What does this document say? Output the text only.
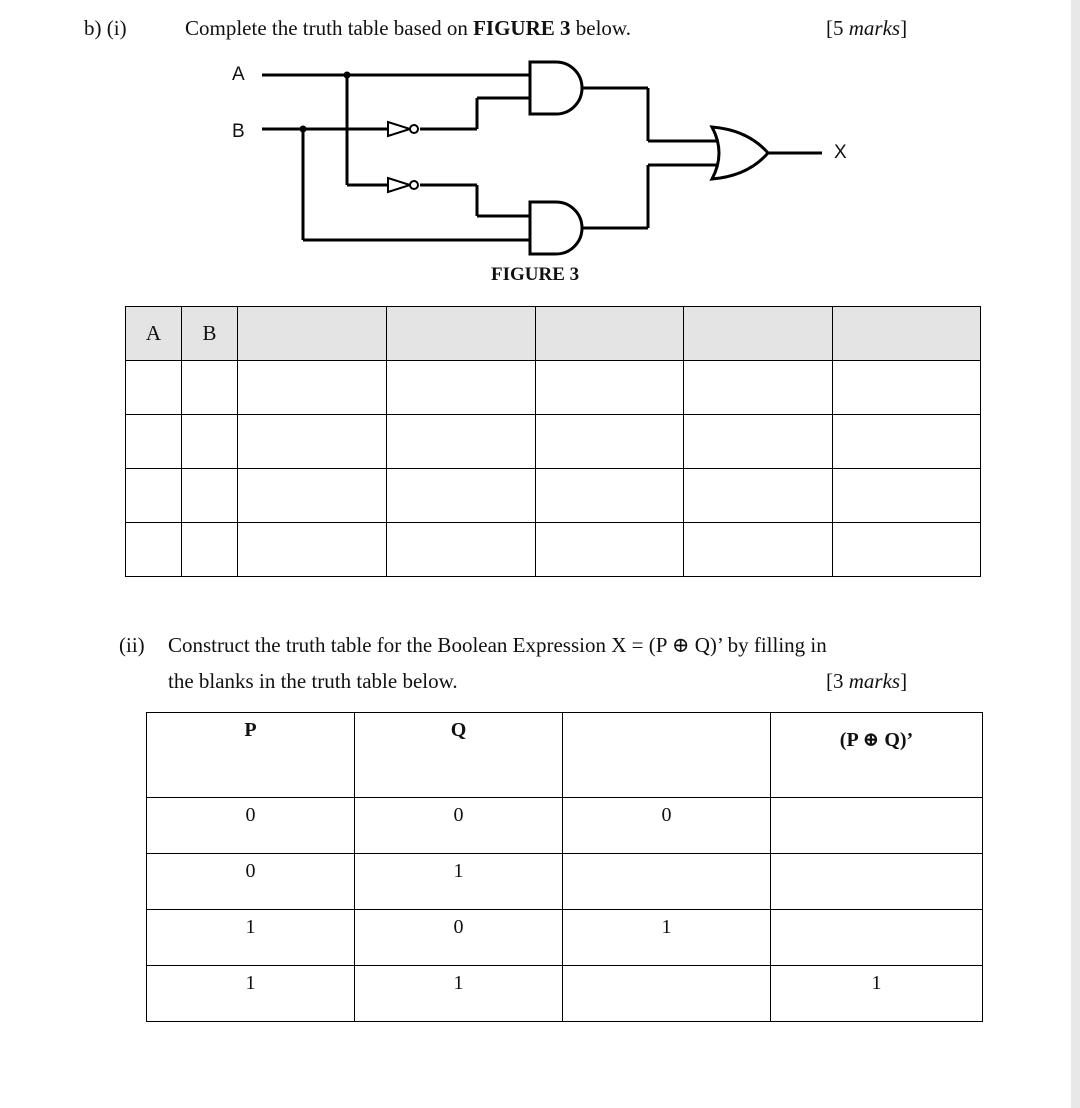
b) (i)	Complete the truth table based on FIGURE 3 below.	[5 marks]
A
B
X
FIGURE 3
A	B					

(ii) Construct the truth table for the Boolean Expression X = (P ⊕ Q)’ by filling in
the blanks in the truth table below.	[3 marks]
P	Q		(P ⊕ Q)’
0	0	0	
0	1		
1	0	1	
1	1		1
